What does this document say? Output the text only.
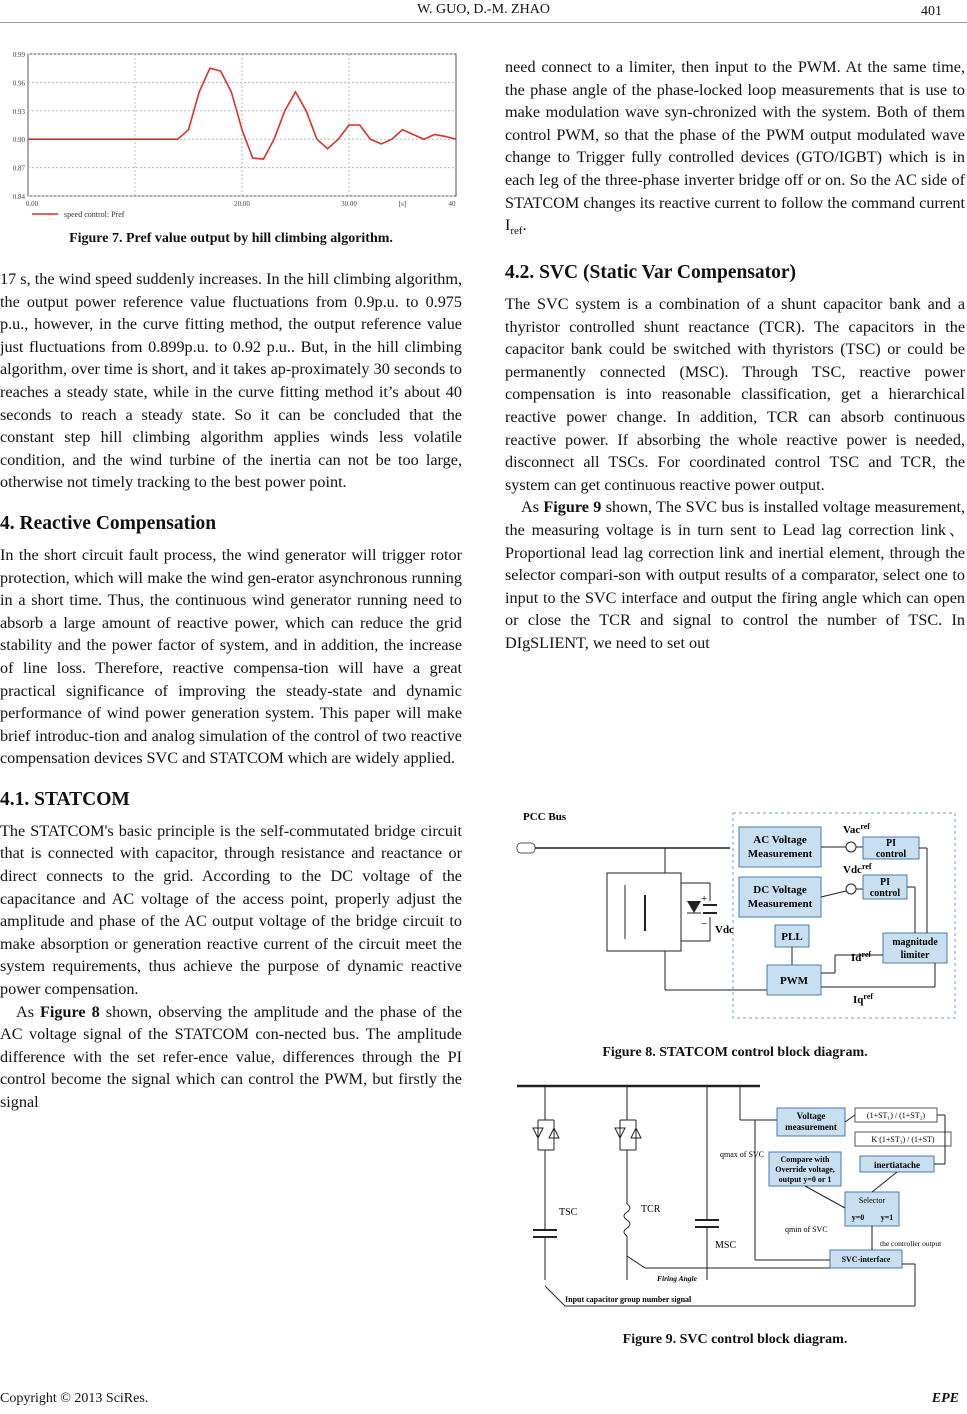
W. GUO, D.-M. ZHAO	401
0.99
0.96
0.93
0.90
0.87
0.84
0.00	20.00	30.00	[s]	40
speed control: Pref
Figure 7. Pref value output by hill climbing algorithm.

17 s, the wind speed suddenly increases. In the hill climbing algorithm, the output power reference value fluctuations from 0.9p.u. to 0.975 p.u., however, in the curve fitting method, the output reference value just fluctuations from 0.899p.u. to 0.92 p.u.. But, in the hill climbing algorithm, over time is short, and it takes ap-proximately 30 seconds to reaches a steady state, while in the curve fitting method it’s about 40 seconds to reach a steady state. So it can be concluded that the constant step hill climbing algorithm applies winds less volatile condition, and the wind turbine of the inertia can not be too large, otherwise not timely tracking to the best power point.

4. Reactive Compensation

In the short circuit fault process, the wind generator will trigger rotor protection, which will make the wind gen-erator asynchronous running in a short time. Thus, the continuous wind generator running need to absorb a large amount of reactive power, which can reduce the grid stability and the power factor of system, and in addition, the increase of line loss. Therefore, reactive compensa-tion will have a great practical significance of improving the steady-state and dynamic performance of wind power generation system. This paper will make brief introduc-tion and analog simulation of the control of two reactive compensation devices SVC and STATCOM which are widely applied.

4.1. STATCOM

The STATCOM's basic principle is the self-commutated bridge circuit that is connected with capacitor, through resistance and reactance or direct connects to the grid. According to the DC voltage of the capacitance and AC voltage of the access point, properly adjust the amplitude and phase of the AC output voltage of the bridge circuit to make absorption or generation reactive current of the circuit meet the system requirements, thus achieve the purpose of dynamic reactive power compensation.

As Figure 8 shown, observing the amplitude and the phase of the AC voltage signal of the STATCOM con-nected bus. The amplitude difference with the set refer-ence value, differences through the PI control become the signal which can control the PWM, but firstly the signal

need connect to a limiter, then input to the PWM. At the same time, the phase angle of the phase-locked loop measurements that is use to make modulation wave syn-chronized with the system. Both of them control PWM, so that the phase of the PWM output modulated wave change to Trigger fully controlled devices (GTO/IGBT) which is in each leg of the three-phase inverter bridge off or on. So the AC side of STATCOM changes its reactive current to follow the command current $I_{ref}$.

4.2. SVC (Static Var Compensator)

The SVC system is a combination of a shunt capacitor bank and a thyristor controlled shunt reactance (TCR). The capacitors in the capacitor bank could be switched with thyristors (TSC) or could be permanently connected (MSC). Through TSC, reactive power compensation is into reasonable classification, get a hierarchical reactive power change. In addition, TCR can absorb continuous reactive power. If absorbing the whole reactive power is needed, disconnect all TSCs. For coordinated control TSC and TCR, the system can get continuous reactive power output.

As Figure 9 shown, The SVC bus is installed voltage measurement, the measuring voltage is in turn sent to Lead lag correction link、Proportional lead lag correction link and inertial element, through the selector compari-son with output results of a comparator, select one to input to the SVC interface and output the firing angle which can open or close the TCR and signal to control the number of TSC. In DIgSLIENT, we need to set out

PCC Bus
+
− Vdc
AC Voltage
Measurement
DC Voltage
Measurement
Vac$^{ref}$
PI
control
Vdc$^{ref}$
PI
control
PLL
PWM
magnitude
limiter
$Id^{ref}$
$Iq^{ref}$
Figure 8. STATCOM control block diagram.
TSC	TCR
MSC
Voltage
measurement
(1+ST₁) / (1+ST₂)
K (1+ST₃) / (1+ST)
inertiatache
qmax of SVC
Compare with
Override voltage,
output y=0 or 1
Selector
y=0 y=1
qmin of SVC
the controller output
SVC-interface
Firing Angle
Input capacitor group number signal
Figure 9. SVC control block diagram.
Copyright © 2013 SciRes.	EPE
